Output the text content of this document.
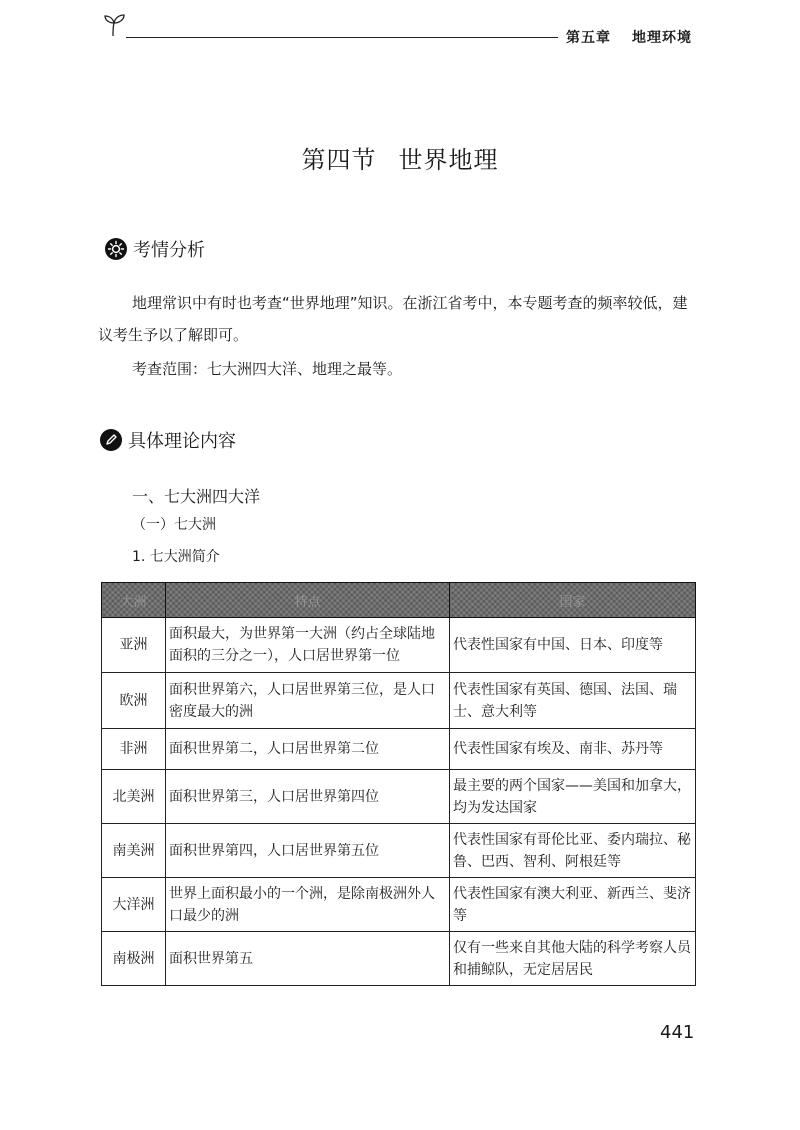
第五章 地理环境
第四节 世界地理
考情分析

地理常识中有时也考查“世界地理”知识。在浙江省考中，本专题考查的频率较低，建议考生予以了解即可。

考查范围：七大洲四大洋、地理之最等。

具体理论内容
一、七大洲四大洋
（一）七大洲
1. 七大洲简介
大洲	特点	国家
亚洲	面积最大，为世界第一大洲（约占全球陆地面积的三分之一），人口居世界第一位	代表性国家有中国、日本、印度等
欧洲	面积世界第六，人口居世界第三位，是人口密度最大的洲	代表性国家有英国、德国、法国、瑞士、意大利等
非洲	面积世界第二，人口居世界第二位	代表性国家有埃及、南非、苏丹等
北美洲	面积世界第三，人口居世界第四位	最主要的两个国家——美国和加拿大，均为发达国家
南美洲	面积世界第四，人口居世界第五位	代表性国家有哥伦比亚、委内瑞拉、秘鲁、巴西、智利、阿根廷等
大洋洲	世界上面积最小的一个洲，是除南极洲外人口最少的洲	代表性国家有澳大利亚、新西兰、斐济等
南极洲	面积世界第五	仅有一些来自其他大陆的科学考察人员和捕鲸队，无定居居民
441
